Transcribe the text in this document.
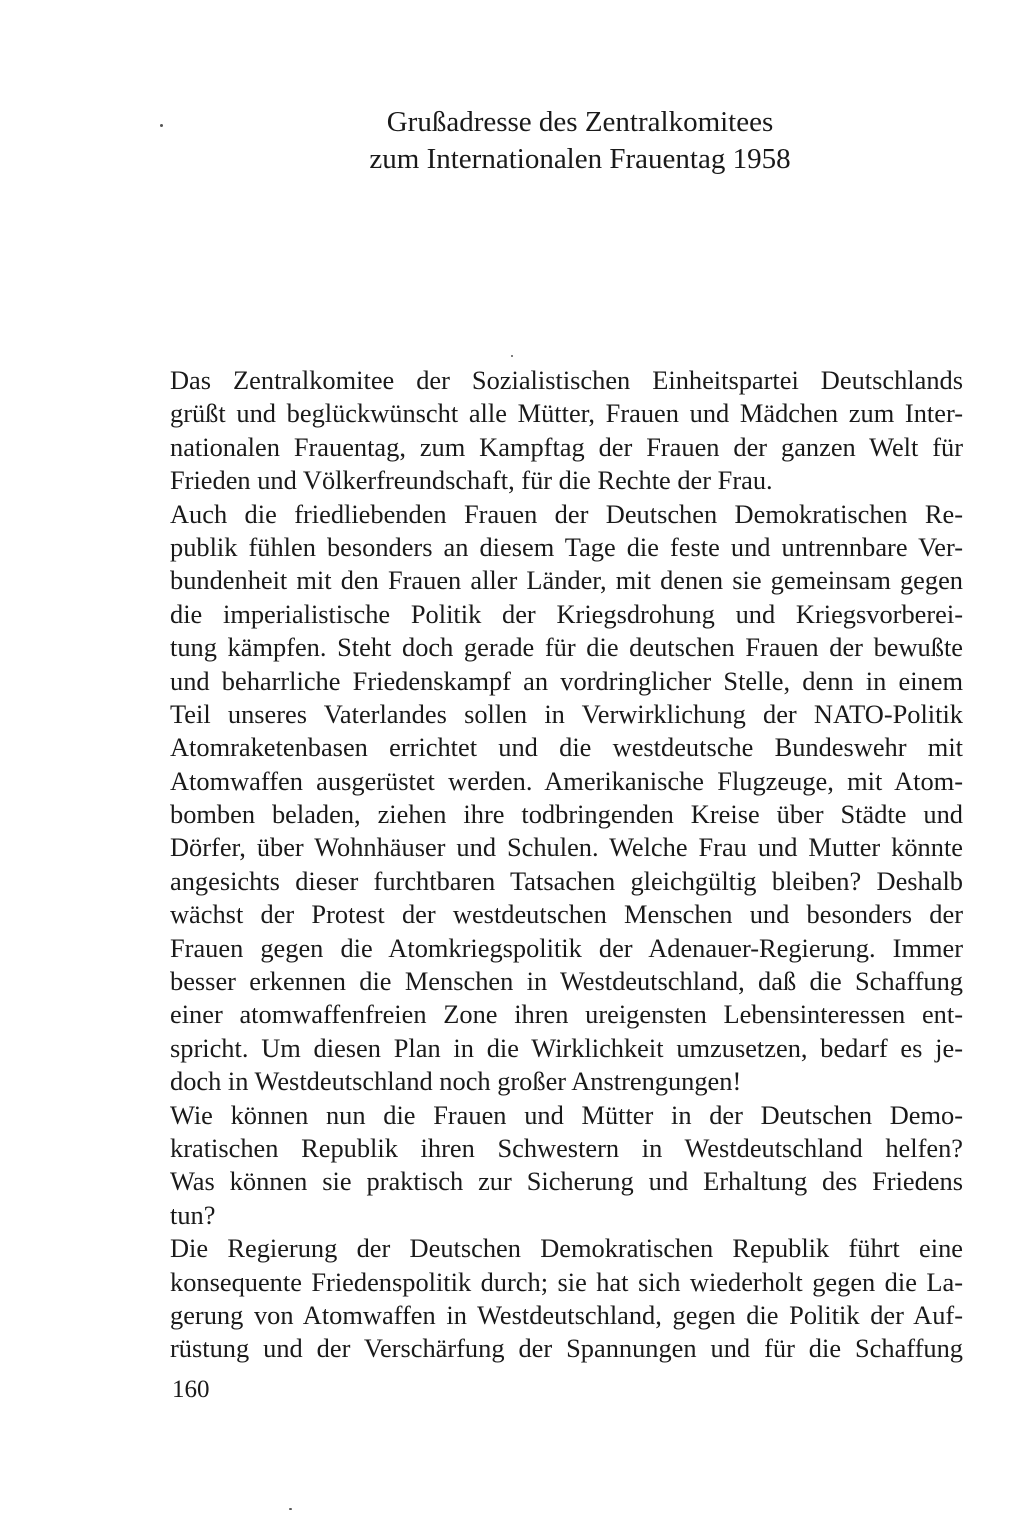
Grußadresse des Zentralkomitees
zum Internationalen Frauentag 1958
Das Zentralkomitee der Sozialistischen Einheitspartei Deutschlands
grüßt und beglückwünscht alle Mütter, Frauen und Mädchen zum Inter-
nationalen Frauentag, zum Kampftag der Frauen der ganzen Welt für
Frieden und Völkerfreundschaft, für die Rechte der Frau.
Auch die friedliebenden Frauen der Deutschen Demokratischen Re-
publik fühlen besonders an diesem Tage die feste und untrennbare Ver-
bundenheit mit den Frauen aller Länder, mit denen sie gemeinsam gegen
die imperialistische Politik der Kriegsdrohung und Kriegsvorberei-
tung kämpfen. Steht doch gerade für die deutschen Frauen der bewußte
und beharrliche Friedenskampf an vordringlicher Stelle, denn in einem
Teil unseres Vaterlandes sollen in Verwirklichung der NATO-Politik
Atomraketenbasen errichtet und die westdeutsche Bundeswehr mit
Atomwaffen ausgerüstet werden. Amerikanische Flugzeuge, mit Atom-
bomben beladen, ziehen ihre todbringenden Kreise über Städte und
Dörfer, über Wohnhäuser und Schulen. Welche Frau und Mutter könnte
angesichts dieser furchtbaren Tatsachen gleichgültig bleiben? Deshalb
wächst der Protest der westdeutschen Menschen und besonders der
Frauen gegen die Atomkriegspolitik der Adenauer-Regierung. Immer
besser erkennen die Menschen in Westdeutschland, daß die Schaffung
einer atomwaffenfreien Zone ihren ureigensten Lebensinteressen ent-
spricht. Um diesen Plan in die Wirklichkeit umzusetzen, bedarf es je-
doch in Westdeutschland noch großer Anstrengungen!
Wie können nun die Frauen und Mütter in der Deutschen Demo-
kratischen Republik ihren Schwestern in Westdeutschland helfen?
Was können sie praktisch zur Sicherung und Erhaltung des Friedens
tun?
Die Regierung der Deutschen Demokratischen Republik führt eine
konsequente Friedenspolitik durch; sie hat sich wiederholt gegen die La-
gerung von Atomwaffen in Westdeutschland, gegen die Politik der Auf-
rüstung und der Verschärfung der Spannungen und für die Schaffung
160
